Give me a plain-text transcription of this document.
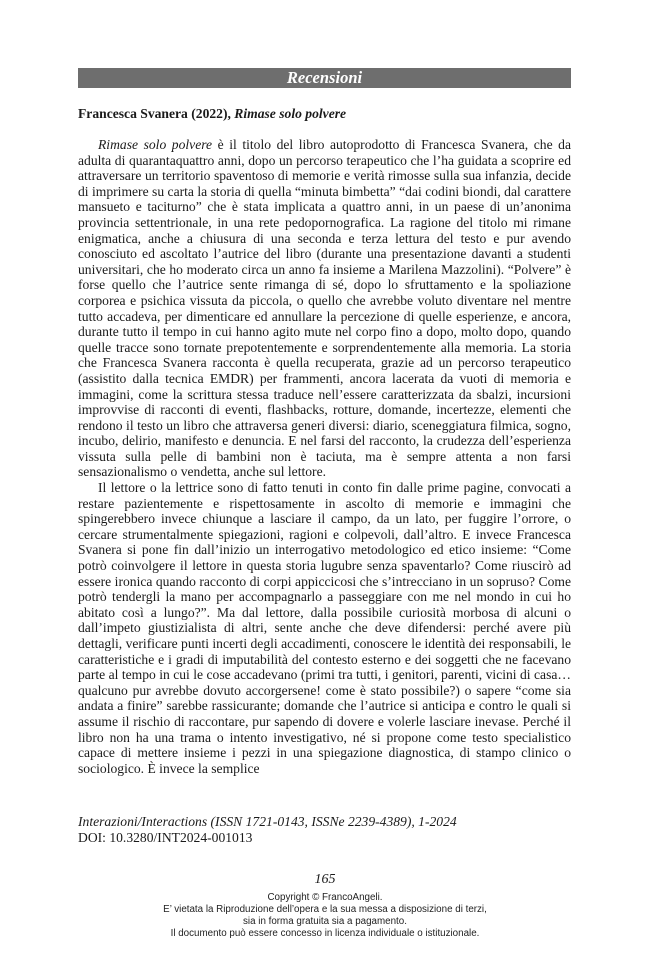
Recensioni
Francesca Svanera (2022), Rimase solo polvere

Rimase solo polvere è il titolo del libro autoprodotto di Francesca Svanera, che da adulta di quarantaquattro anni, dopo un percorso terapeutico che l’ha guidata a scoprire ed attraversare un territorio spaventoso di memorie e verità rimosse sulla sua infanzia, decide di imprimere su carta la storia di quella “minuta bimbetta” “dai codini biondi, dal carattere mansueto e taciturno” che è stata implicata a quattro anni, in un paese di un’anonima provincia settentrionale, in una rete pedopornografica. La ragione del titolo mi rimane enigmatica, anche a chiusura di una seconda e terza lettura del testo e pur avendo conosciuto ed ascoltato l’autrice del libro (durante una presentazione davanti a studenti universitari, che ho moderato circa un anno fa insieme a Marilena Mazzolini). “Polvere” è forse quello che l’autrice sente rimanga di sé, dopo lo sfruttamento e la spoliazione corporea e psichica vissuta da piccola, o quello che avrebbe voluto diventare nel mentre tutto accadeva, per dimenticare ed annullare la percezione di quelle esperienze, e ancora, durante tutto il tempo in cui hanno agito mute nel corpo fino a dopo, molto dopo, quando quelle tracce sono tornate prepotentemente e sorprendentemente alla memoria. La storia che Francesca Svanera racconta è quella recuperata, grazie ad un percorso terapeutico (assistito dalla tecnica EMDR) per frammenti, ancora lacerata da vuoti di memoria e immagini, come la scrittura stessa traduce nell’essere caratterizzata da sbalzi, incursioni improvvise di racconti di eventi, flashbacks, rotture, domande, incertezze, elementi che rendono il testo un libro che attraversa generi diversi: diario, sceneggiatura filmica, sogno, incubo, delirio, manifesto e denuncia. E nel farsi del racconto, la crudezza dell’esperienza vissuta sulla pelle di bambini non è taciuta, ma è sempre attenta a non farsi sensazionalismo o vendetta, anche sul lettore.

Il lettore o la lettrice sono di fatto tenuti in conto fin dalle prime pagine, convocati a restare pazientemente e rispettosamente in ascolto di memorie e immagini che spingerebbero invece chiunque a lasciare il campo, da un lato, per fuggire l’orrore, o cercare strumentalmente spiegazioni, ragioni e colpevoli, dall’altro. E invece Francesca Svanera si pone fin dall’inizio un interrogativo metodologico ed etico insieme: “Come potrò coinvolgere il lettore in questa storia lugubre senza spaventarlo? Come riuscirò ad essere ironica quando racconto di corpi appiccicosi che s’intrecciano in un sopruso? Come potrò tendergli la mano per accompagnarlo a passeggiare con me nel mondo in cui ho abitato così a lungo?”. Ma dal lettore, dalla possibile curiosità morbosa di alcuni o dall’impeto giustizialista di altri, sente anche che deve difendersi: perché avere più dettagli, verificare punti incerti degli accadimenti, conoscere le identità dei responsabili, le caratteristiche e i gradi di imputabilità del contesto esterno e dei soggetti che ne facevano parte al tempo in cui le cose accadevano (primi tra tutti, i genitori, parenti, vicini di casa… qualcuno pur avrebbe dovuto accorgersene! come è stato possibile?) o sapere “come sia andata a finire” sarebbe rassicurante; domande che l’autrice si anticipa e contro le quali si assume il rischio di raccontare, pur sapendo di dovere e volerle lasciare inevase. Perché il libro non ha una trama o intento investigativo, né si propone come testo specialistico capace di mettere insieme i pezzi in una spiegazione diagnostica, di stampo clinico o sociologico. È invece la semplice

Interazioni/Interactions (ISSN 1721-0143, ISSNe 2239-4389), 1-2024
DOI: 10.3280/INT2024-001013
165
Copyright © FrancoAngeli.
E’ vietata la Riproduzione dell’opera e la sua messa a disposizione di terzi,
sia in forma gratuita sia a pagamento.
Il documento può essere concesso in licenza individuale o istituzionale.
